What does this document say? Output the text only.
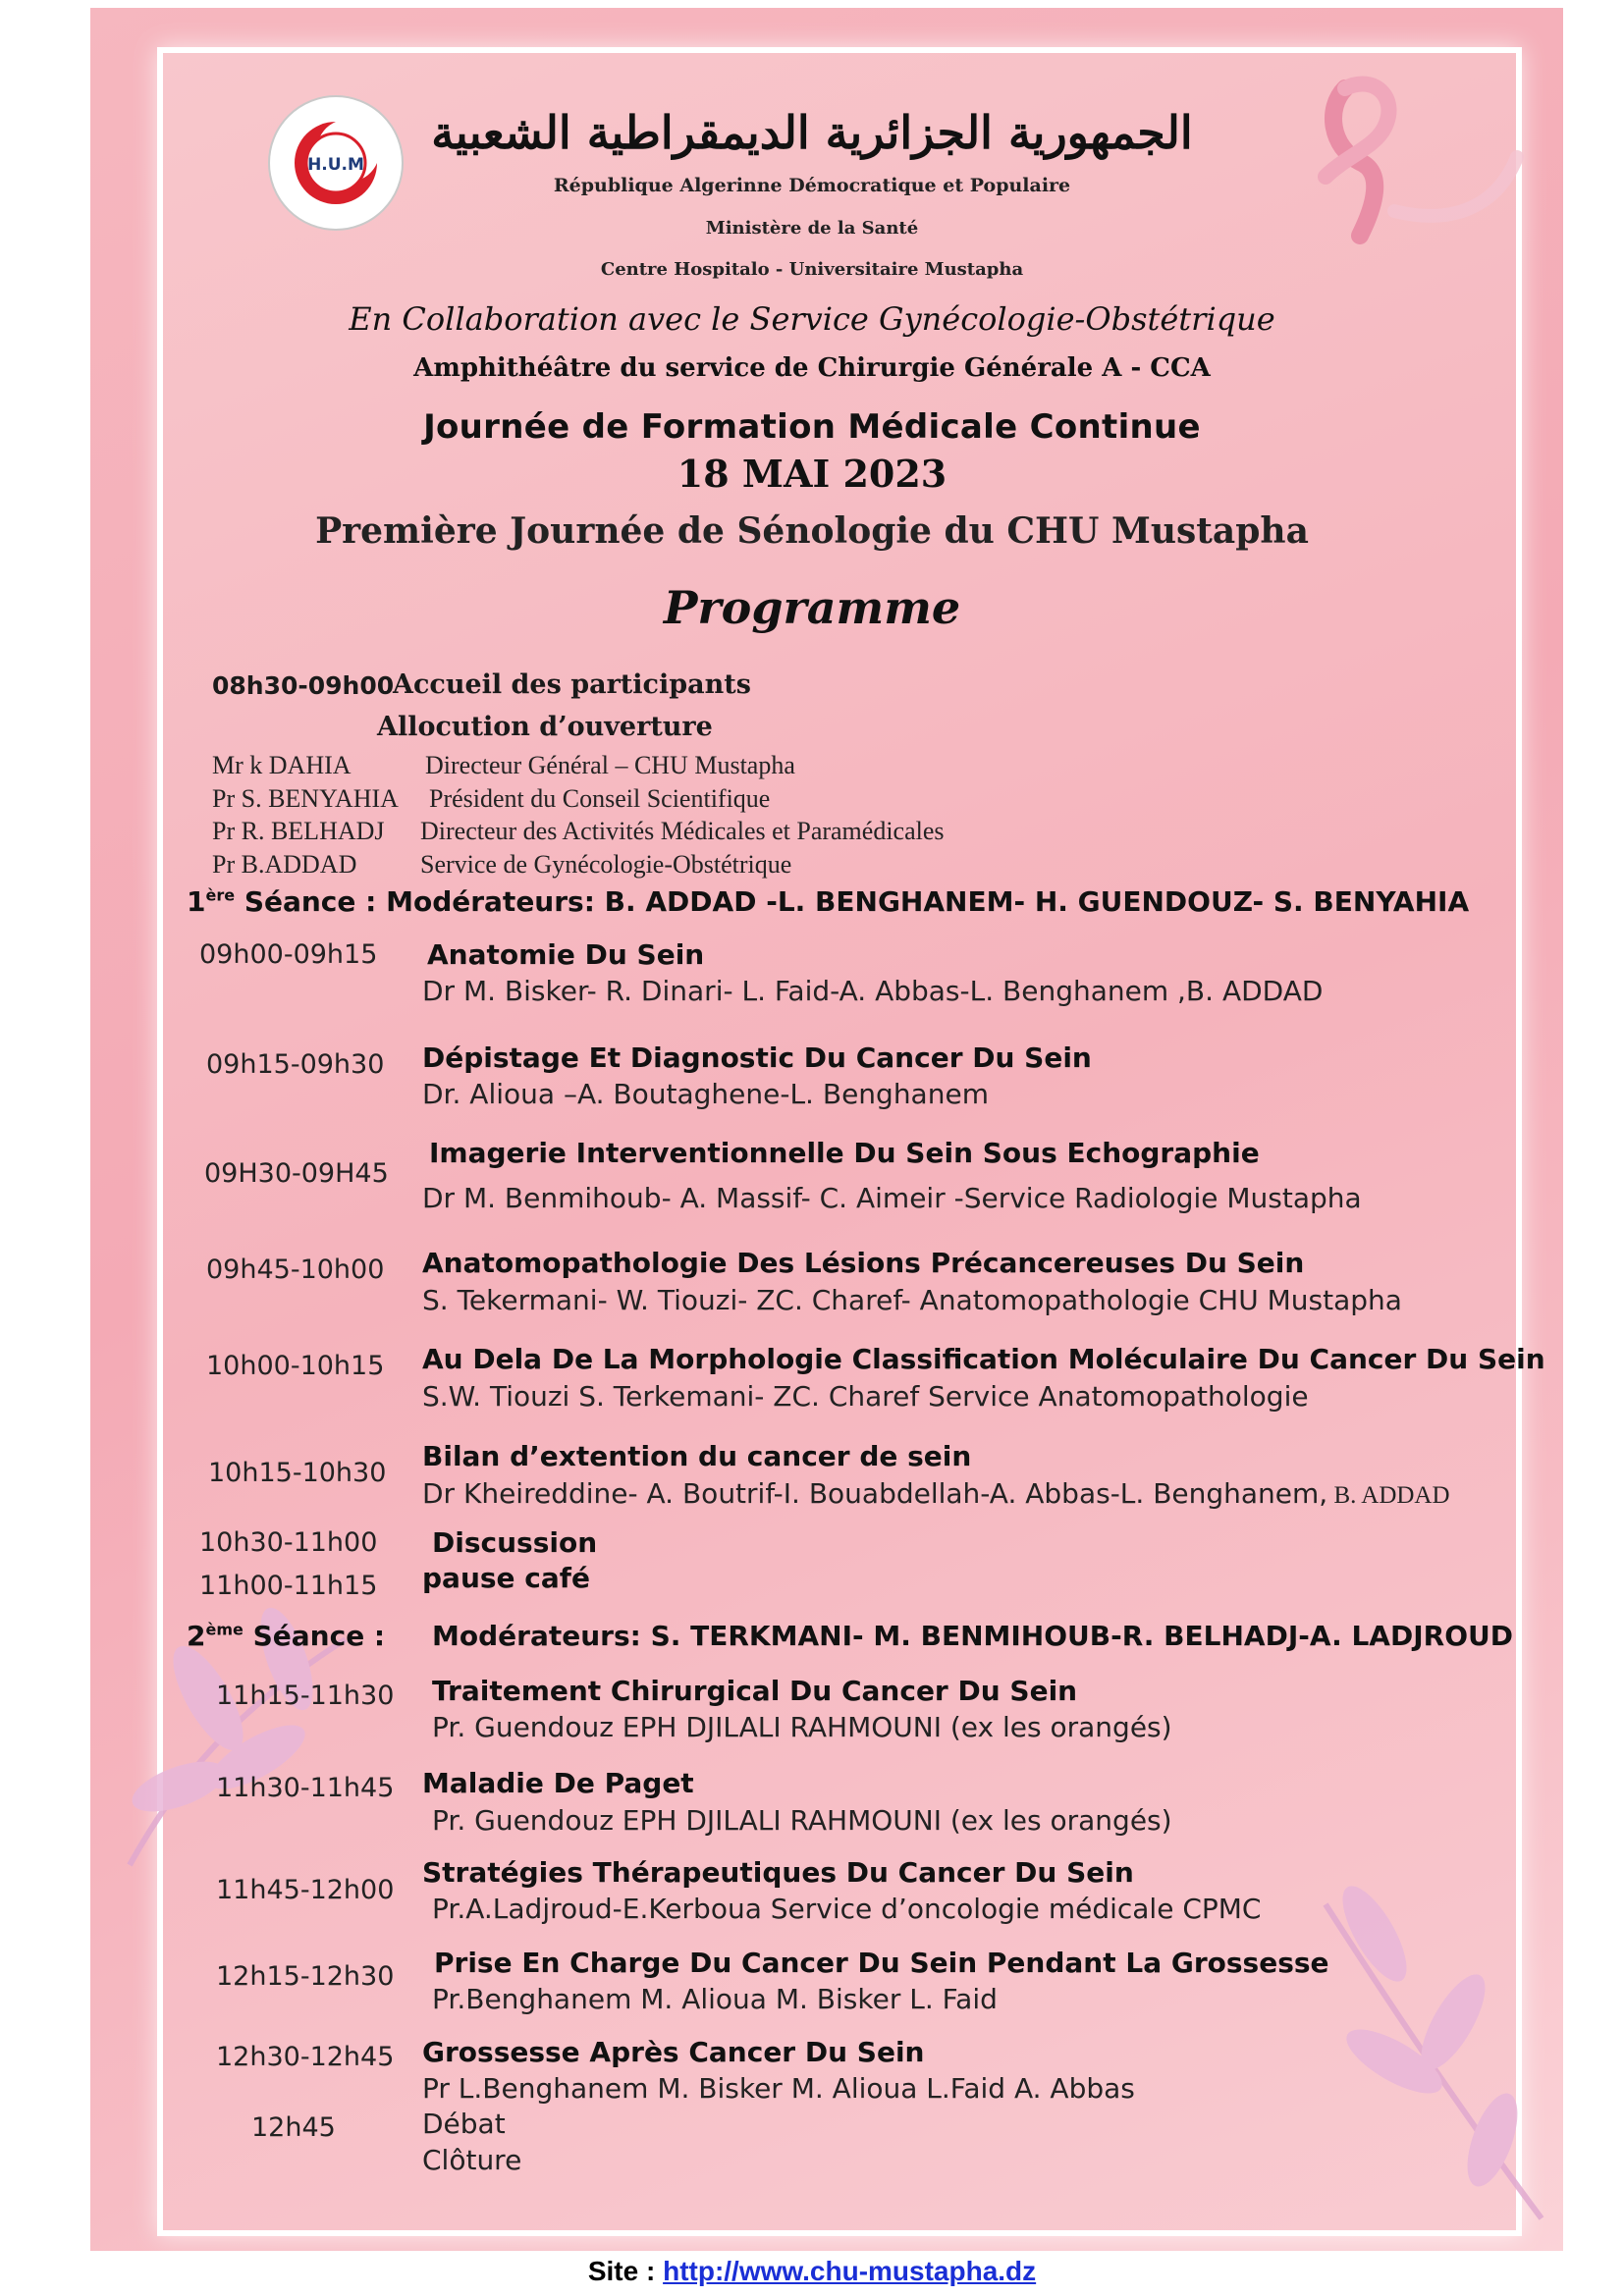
H.U.M
الجمهورية الجزائرية الديمقراطية الشعبية
République Algerinne Démocratique et Populaire
Ministère de la Santé
Centre Hospitalo - Universitaire Mustapha
En Collaboration avec le Service Gynécologie-Obstétrique
Amphithéâtre du service de Chirurgie Générale A - CCA
Journée de Formation Médicale Continue
18 MAI 2023
Première Journée de Sénologie du CHU Mustapha
Programme
08h30-09h00
Accueil des participants
Allocution d’ouverture
Mr k DAHIA	Directeur Général – CHU Mustapha
Pr S. BENYAHIA Président du Conseil Scientifique
Pr R. BELHADJ Directeur des Activités Médicales et Paramédicales
Pr B.ADDAD Service de Gynécologie-Obstétrique
1ère Séance : Modérateurs: B. ADDAD -L. BENGHANEM- H. GUENDOUZ- S. BENYAHIA
09h00-09h15 Anatomie Du Sein
Dr M. Bisker- R. Dinari- L. Faid-A. Abbas-L. Benghanem ,B. ADDAD
09h15-09h30 Dépistage Et Diagnostic Du Cancer Du Sein
Dr. Alioua –A. Boutaghene-L. Benghanem
09H30-09H45
Imagerie Interventionnelle Du Sein Sous Echographie
Dr M. Benmihoub- A. Massif- C. Aimeir -Service Radiologie Mustapha
09h45-10h00 Anatomopathologie Des Lésions Précancereuses Du Sein
S. Tekermani- W. Tiouzi- ZC. Charef- Anatomopathologie CHU Mustapha
10h00-10h15 Au Dela De La Morphologie Classification Moléculaire Du Cancer Du Sein
S.W. Tiouzi S. Terkemani- ZC. Charef Service Anatomopathologie
10h15-10h30
Bilan d’extention du cancer de sein
Dr Kheireddine- A. Boutrif-I. Bouabdellah-A. Abbas-L. Benghanem, B. ADDAD
10h30-11h00 Discussion
11h00-11h15 pause café
2ème Séance : Modérateurs: S. TERKMANI- M. BENMIHOUB-R. BELHADJ-A. LADJROUD
11h15-11h30 Traitement Chirurgical Du Cancer Du Sein
Pr. Guendouz EPH DJILALI RAHMOUNI (ex les orangés)
11h30-11h45 Maladie De Paget
Pr. Guendouz EPH DJILALI RAHMOUNI (ex les orangés)
11h45-12h00
Stratégies Thérapeutiques Du Cancer Du Sein
Pr.A.Ladjroud-E.Kerboua Service d’oncologie médicale CPMC
12h15-12h30 Prise En Charge Du Cancer Du Sein Pendant La Grossesse
Pr.Benghanem M. Alioua M. Bisker L. Faid
12h30-12h45 Grossesse Après Cancer Du Sein
Pr L.Benghanem M. Bisker M. Alioua L.Faid A. Abbas
12h45	Débat
Clôture
Site : http://www.chu-mustapha.dz
